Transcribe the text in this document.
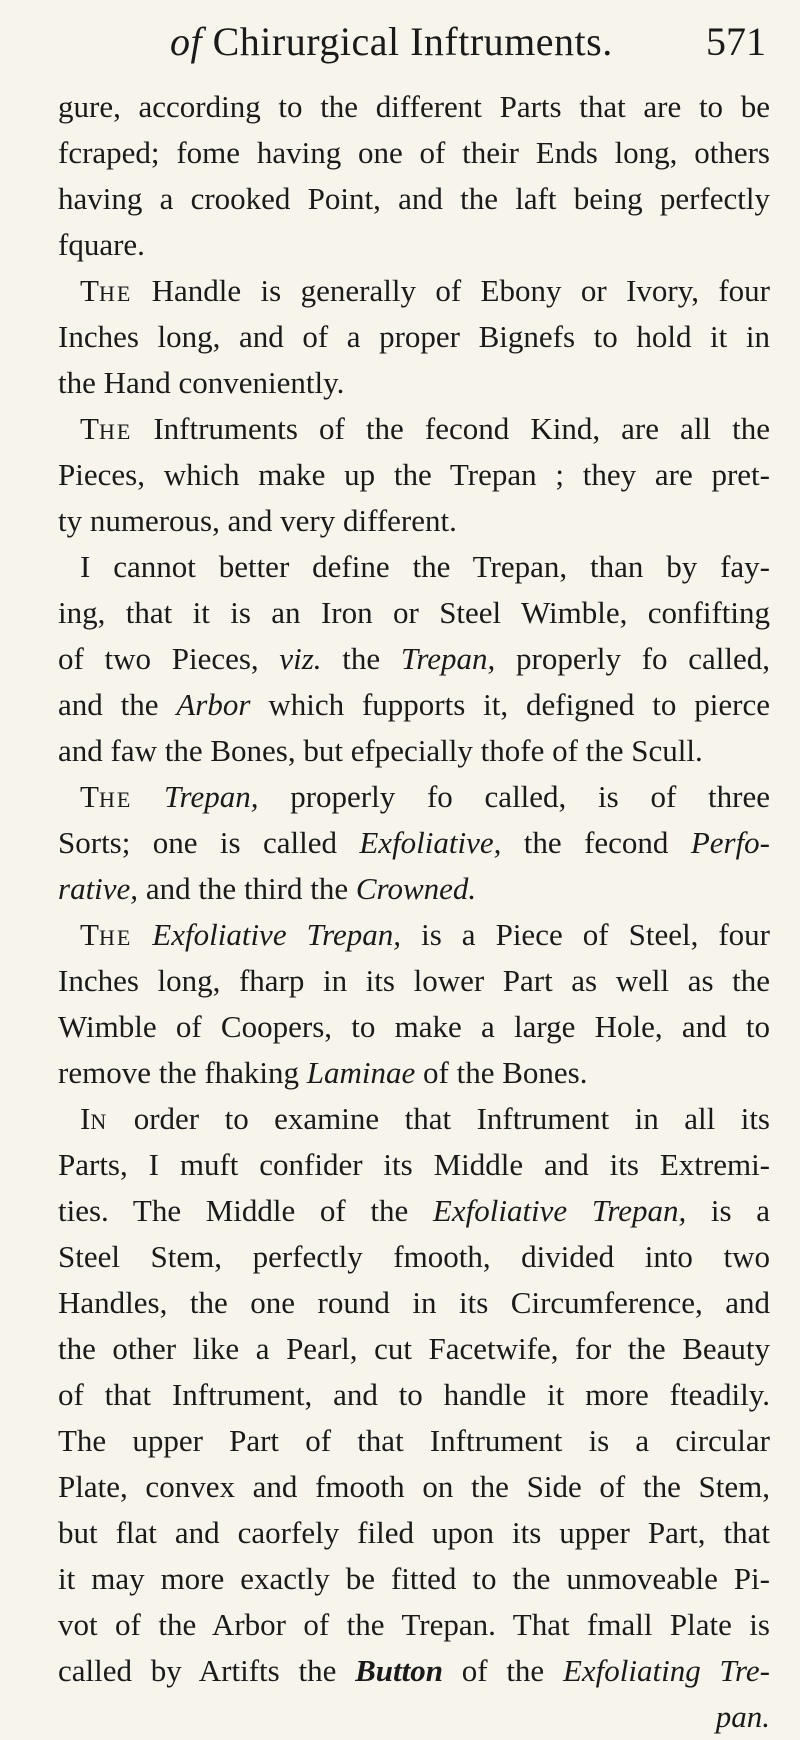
of Chirurgical Inftruments. 571
gure, according to the different Parts that are to be
fcraped; fome having one of their Ends long, others
having a crooked Point, and the laft being perfectly
fquare.
The Handle is generally of Ebony or Ivory, four
Inches long, and of a proper Bignefs to hold it in
the Hand conveniently.
The Inftruments of the fecond Kind, are all the
Pieces, which make up the Trepan ; they are pret-
ty numerous, and very different.
I cannot better define the Trepan, than by fay-
ing, that it is an Iron or Steel Wimble, confifting
of two Pieces, viz. the Trepan, properly fo called,
and the Arbor which fupports it, defigned to pierce
and faw the Bones, but efpecially thofe of the Scull.
The Trepan, properly fo called, is of three
Sorts; one is called Exfoliative, the fecond Perfo-
rative, and the third the Crowned.
The Exfoliative Trepan, is a Piece of Steel, four
Inches long, fharp in its lower Part as well as the
Wimble of Coopers, to make a large Hole, and to
remove the fhaking Laminae of the Bones.
In order to examine that Inftrument in all its
Parts, I muft confider its Middle and its Extremi-
ties. The Middle of the Exfoliative Trepan, is a
Steel Stem, perfectly fmooth, divided into two
Handles, the one round in its Circumference, and
the other like a Pearl, cut Facetwife, for the Beauty
of that Inftrument, and to handle it more fteadily.
The upper Part of that Inftrument is a circular
Plate, convex and fmooth on the Side of the Stem,
but flat and caorfely filed upon its upper Part, that
it may more exactly be fitted to the unmoveable Pi-
vot of the Arbor of the Trepan. That fmall Plate is
called by Artifts the Button of the Exfoliating Tre-
pan.
